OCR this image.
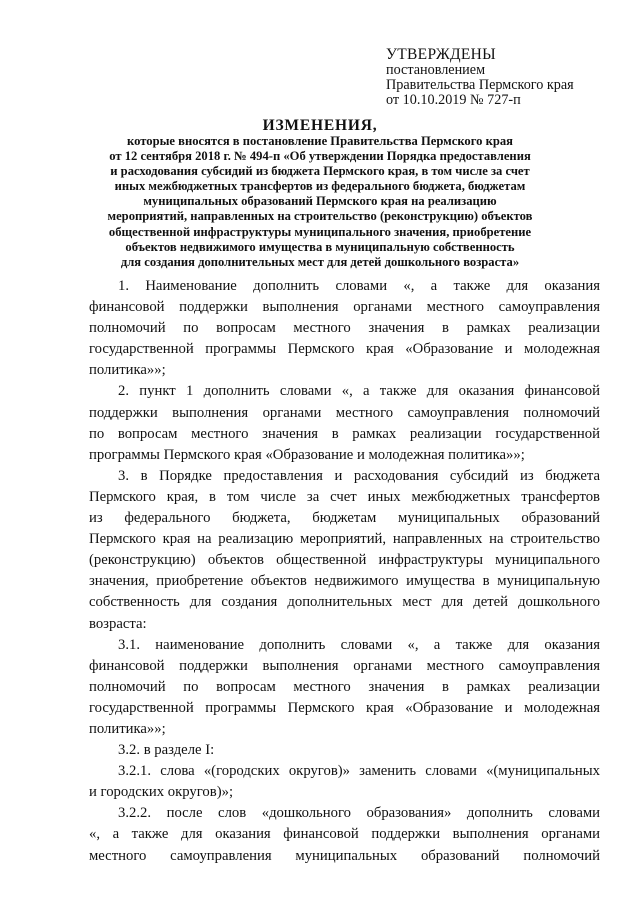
УТВЕРЖДЕНЫ
постановлением
Правительства Пермского края
от 10.10.2019 № 727-п
ИЗМЕНЕНИЯ,
которые вносятся в постановление Правительства Пермского края
от 12 сентября 2018 г. № 494-п «Об утверждении Порядка предоставления
и расходования субсидий из бюджета Пермского края, в том числе за счет
иных межбюджетных трансфертов из федерального бюджета, бюджетам
муниципальных образований Пермского края на реализацию
мероприятий, направленных на строительство (реконструкцию) объектов
общественной инфраструктуры муниципального значения, приобретение
объектов недвижимого имущества в муниципальную собственность
для создания дополнительных мест для детей дошкольного возраста»

1. Наименование дополнить словами «, а также для оказания
финансовой поддержки выполнения органами местного самоуправления
полномочий по вопросам местного значения в рамках реализации
государственной программы Пермского края «Образование и молодежная
политика»»;

2. пункт 1 дополнить словами «, а также для оказания финансовой
поддержки выполнения органами местного самоуправления полномочий
по вопросам местного значения в рамках реализации государственной
программы Пермского края «Образование и молодежная политика»»;

3. в Порядке предоставления и расходования субсидий из бюджета
Пермского края, в том числе за счет иных межбюджетных трансфертов
из федерального бюджета, бюджетам муниципальных образований
Пермского края на реализацию мероприятий, направленных на строительство
(реконструкцию) объектов общественной инфраструктуры муниципального
значения, приобретение объектов недвижимого имущества в муниципальную
собственность для создания дополнительных мест для детей дошкольного
возраста:

3.1. наименование дополнить словами «, а также для оказания
финансовой поддержки выполнения органами местного самоуправления
полномочий по вопросам местного значения в рамках реализации
государственной программы Пермского края «Образование и молодежная
политика»»;

3.2. в разделе I:

3.2.1. слова «(городских округов)» заменить словами «(муниципальных
и городских округов)»;

3.2.2. после слов «дошкольного образования» дополнить словами
«, а также для оказания финансовой поддержки выполнения органами
местного самоуправления муниципальных образований полномочий
